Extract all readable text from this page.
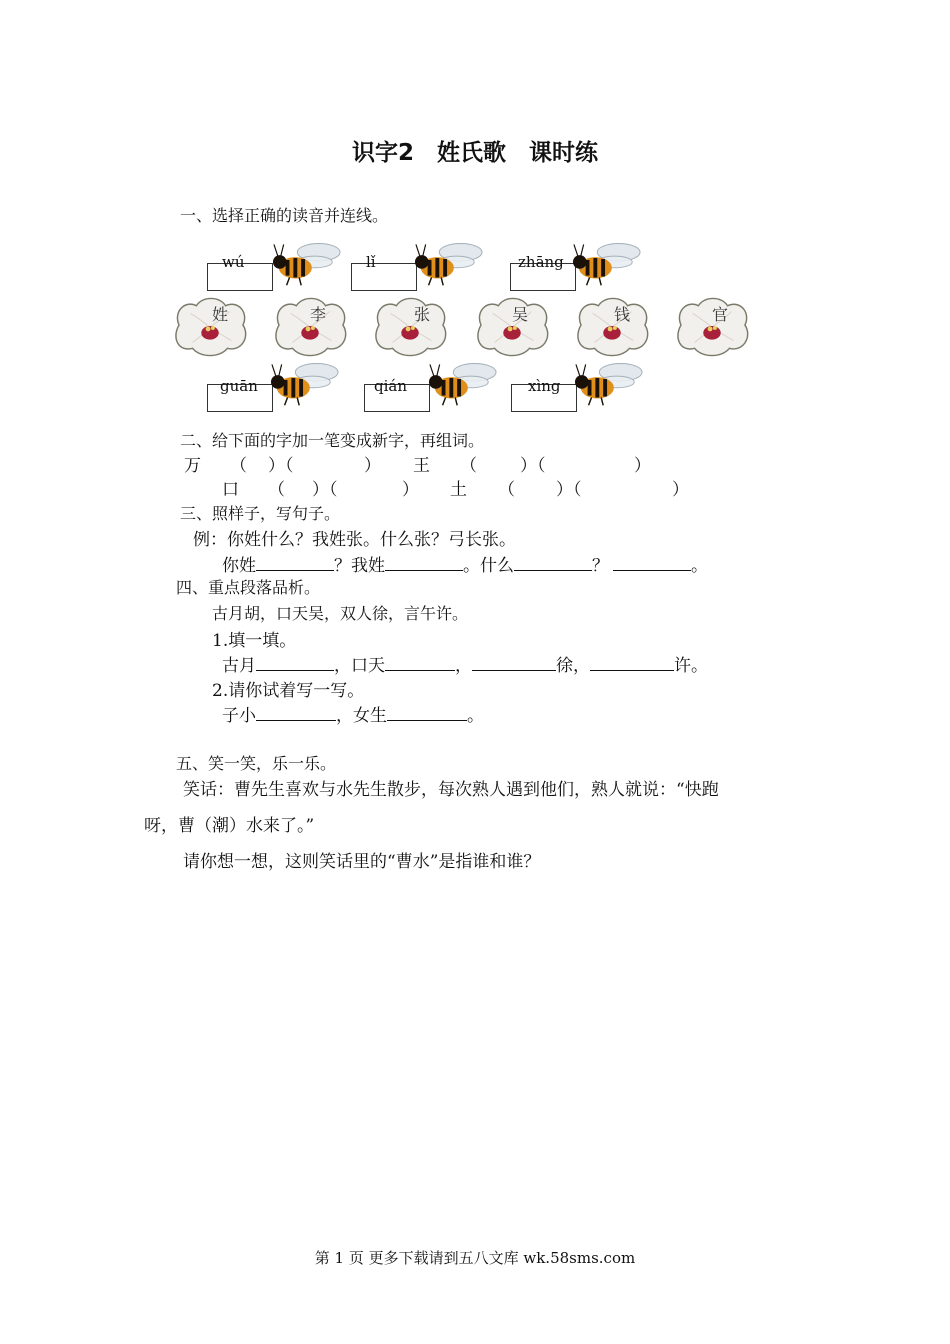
识字2　姓氏歌　课时练
一、选择正确的读音并连线。
wú	lǐ	zhāng
姓	李	张	吴	钱	官
guān	qián	xìng
二、给下面的字加一笔变成新字，再组词。
万 （ ）（	） 王 （	）（	）
口 （ ）（	） 土 （ ）（	）
三、照样子，写句子。
例：你姓什么？我姓张。什么张？弓长张。
你姓	？我姓	。什么	？	。
四、重点段落品析。
古月胡，口天吴，双人徐，言午许。
1.填一填。
古月	，口天	，	徐，	许。
2.请你试着写一写。
子小	，女生	。
五、笑一笑，乐一乐。
笑话：曹先生喜欢与水先生散步，每次熟人遇到他们，熟人就说：“快跑
呀，曹（潮）水来了。”
请你想一想，这则笑话里的“曹水”是指谁和谁？
第 1 页 更多下载请到五八文库 wk.58sms.com
